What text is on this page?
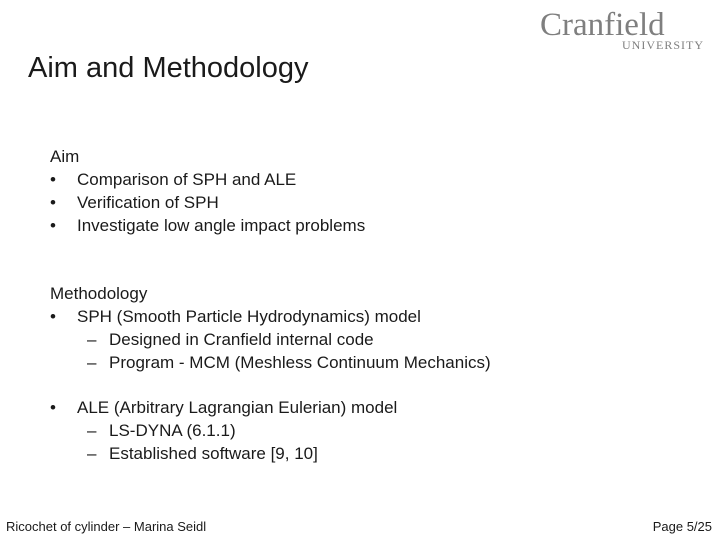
Cranfield
UNIVERSITY
Aim and Methodology
Aim
• Comparison of SPH and ALE
• Verification of SPH
• Investigate low angle impact problems
Methodology
• SPH (Smooth Particle Hydrodynamics) model
– Designed in Cranfield internal code
– Program - MCM (Meshless Continuum Mechanics)
• ALE (Arbitrary Lagrangian Eulerian) model
– LS-DYNA (6.1.1)
– Established software [9, 10]
Ricochet of cylinder – Marina Seidl	Page 5/25
